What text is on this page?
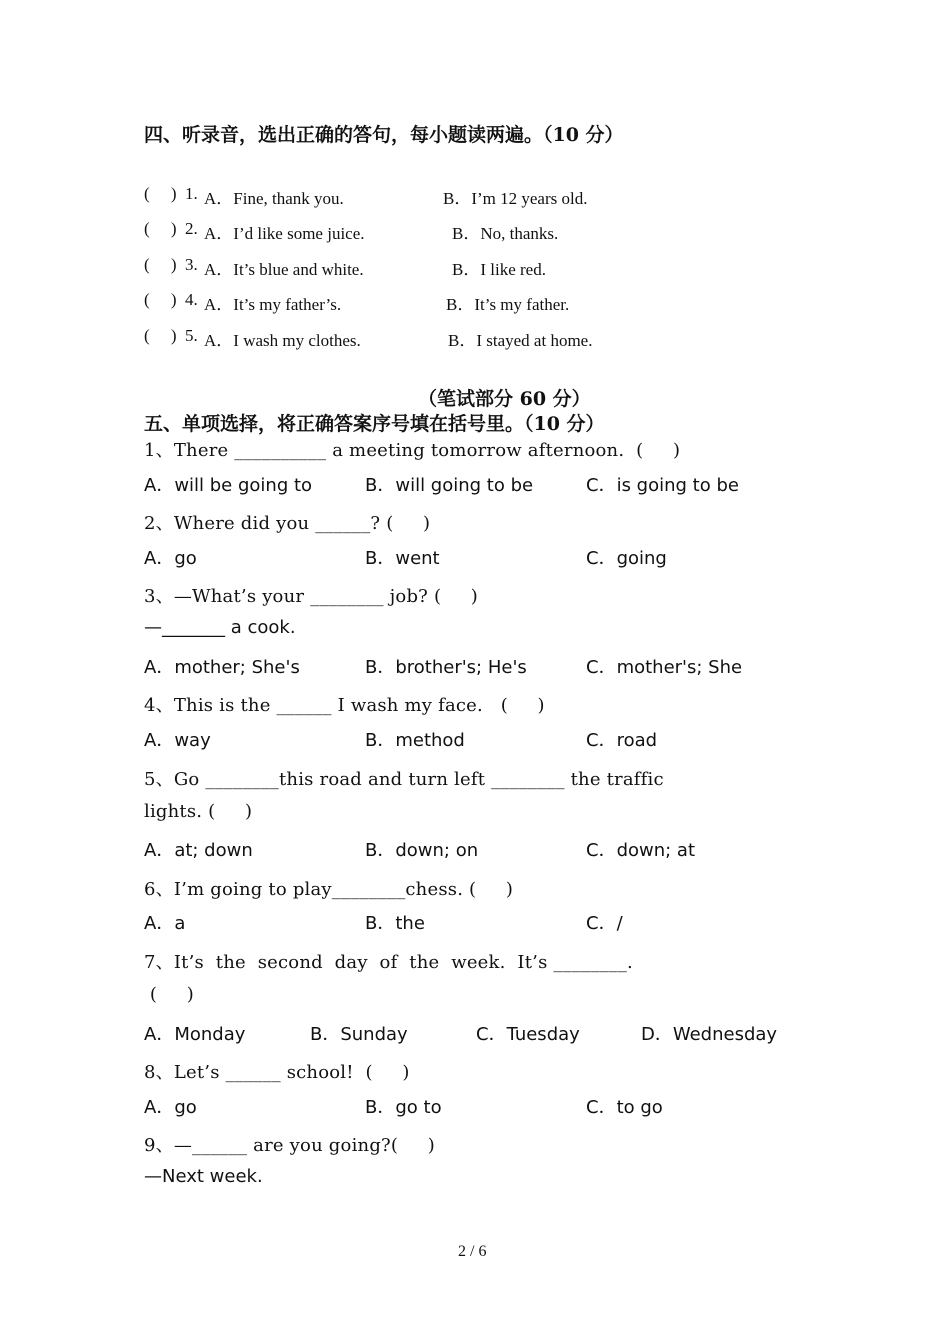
四、听录音，选出正确的答句，每小题读两遍。（10 分）
(     ) 1. A．Fine, thank you.	B．I’m 12 years old.
(     ) 2. A．I’d like some juice.	B．No, thanks.
(     ) 3. A．It’s blue and white.	B．I like red.
(     ) 4. A．It’s my father’s.	B．It’s my father.
(     ) 5. A．I wash my clothes.	B．I stayed at home.
（笔试部分 60 分）
五、单项选择，将正确答案序号填在括号里。（10 分）
1、There __________ a meeting tomorrow afternoon.  (     )
A．will be going to	B．will going to be	C．is going to be
2、Where did you ______? (     )
A．go	B．went	C．going
3、—What’s your ________ job? (     )
—_______ a cook.
A．mother; She's	B．brother's; He's	C．mother's; She
4、This is the ______ I wash my face.   (     )
A．way	B．method	C．road
5、Go ________this road and turn left ________ the traffic
lights. (     )
A．at; down	B．down; on	C．down; at
6、I’m going to play________chess. (     )
A．a	B．the	C．/
7、It’s  the  second  day  of  the  week.  It’s ________.
(     )
A．Monday	B．Sunday	C．Tuesday	D．Wednesday
8、Let’s ______ school!  (     )
A．go	B．go to	C．to go
9、—______ are you going?(     )
—Next week.
2 / 6
